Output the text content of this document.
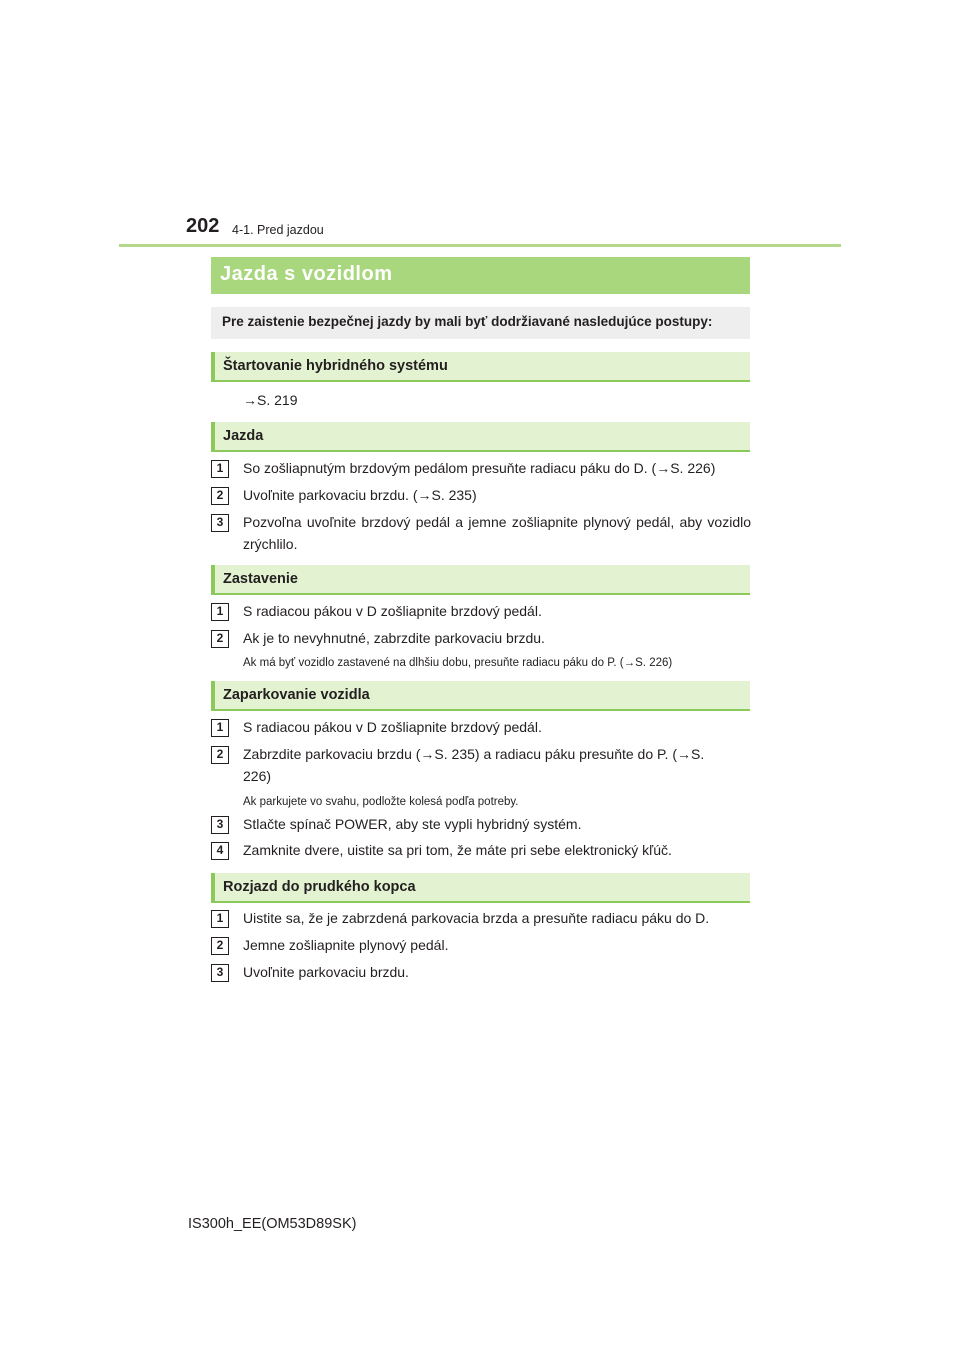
202 4-1. Pred jazdou
Jazda s vozidlom
Pre zaistenie bezpečnej jazdy by mali byť dodržiavané nasledujúce postupy:
Štartovanie hybridného systému
→S. 219
Jazda
1	So zošliapnutým brzdovým pedálom presuňte radiacu páku do D. (→S. 226)
2	Uvoľnite parkovaciu brzdu. (→S. 235)
3	Pozvoľna uvoľnite brzdový pedál a jemne zošliapnite plynový pedál, aby vozidlo zrýchlilo.
Zastavenie
1	S radiacou pákou v D zošliapnite brzdový pedál.
2	Ak je to nevyhnutné, zabrzdite parkovaciu brzdu.
Ak má byť vozidlo zastavené na dlhšiu dobu, presuňte radiacu páku do P. (→S. 226)
Zaparkovanie vozidla
1	S radiacou pákou v D zošliapnite brzdový pedál.
2	Zabrzdite parkovaciu brzdu (→S. 235) a radiacu páku presuňte do P. (→S. 226)
Ak parkujete vo svahu, podložte kolesá podľa potreby.
3	Stlačte spínač POWER, aby ste vypli hybridný systém.
4	Zamknite dvere, uistite sa pri tom, že máte pri sebe elektronický kľúč.
Rozjazd do prudkého kopca
1	Uistite sa, že je zabrzdená parkovacia brzda a presuňte radiacu páku do D.
2	Jemne zošliapnite plynový pedál.
3	Uvoľnite parkovaciu brzdu.
IS300h_EE(OM53D89SK)
